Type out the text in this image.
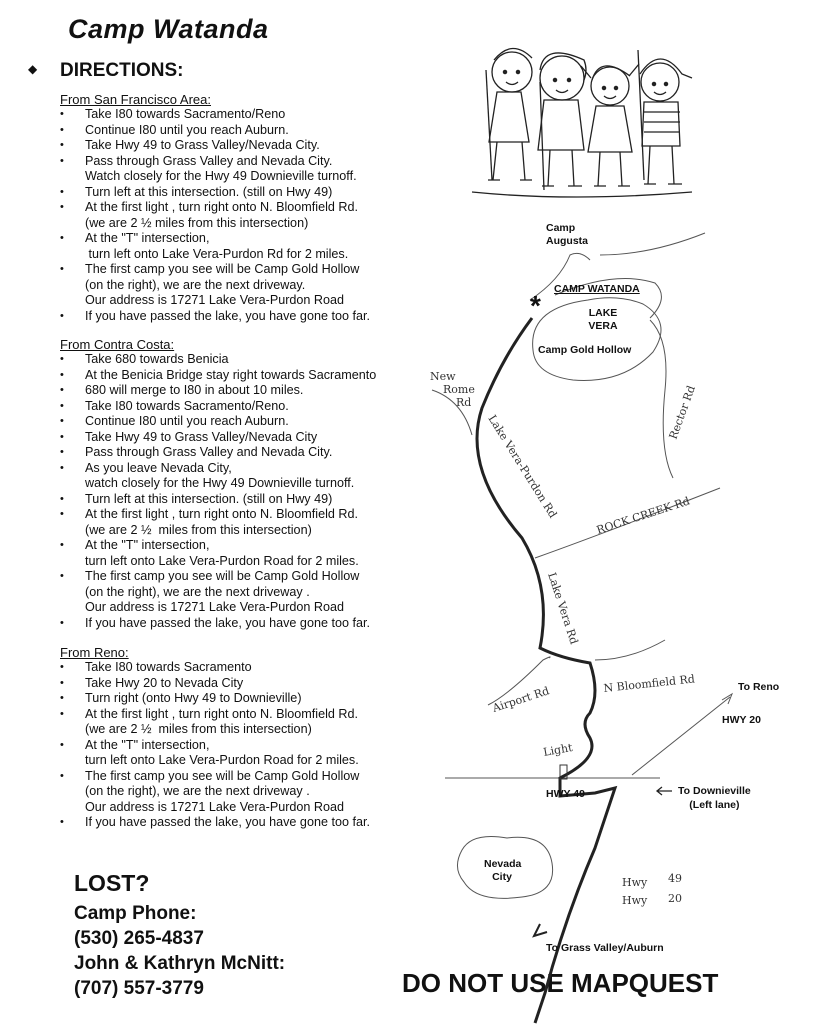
Camp Watanda
◆ DIRECTIONS:
From San Francisco Area:
• Take I80 towards Sacramento/Reno
• Continue I80 until you reach Auburn.
• Take Hwy 49 to Grass Valley/Nevada City.
• Pass through Grass Valley and Nevada City.
Watch closely for the Hwy 49 Downieville turnoff.
• Turn left at this intersection. (still on Hwy 49)
• At the first light , turn right onto N. Bloomfield Rd.
(we are 2 ½ miles from this intersection)
• At the "T" intersection,
turn left onto Lake Vera-Purdon Rd for 2 miles.
• The first camp you see will be Camp Gold Hollow
(on the right), we are the next driveway.
Our address is 17271 Lake Vera-Purdon Road
• If you have passed the lake, you have gone too far.
From Contra Costa:
• Take 680 towards Benicia
• At the Benicia Bridge stay right towards Sacramento
• 680 will merge to I80 in about 10 miles.
• Take I80 towards Sacramento/Reno.
• Continue I80 until you reach Auburn.
• Take Hwy 49 to Grass Valley/Nevada City
• Pass through Grass Valley and Nevada City.
• As you leave Nevada City,
watch closely for the Hwy 49 Downieville turnoff.
• Turn left at this intersection. (still on Hwy 49)
• At the first light , turn right onto N. Bloomfield Rd.
(we are 2 ½  miles from this intersection)
• At the "T" intersection,
turn left onto Lake Vera-Purdon Road for 2 miles.
• The first camp you see will be Camp Gold Hollow
(on the right), we are the next driveway .
Our address is 17271 Lake Vera-Purdon Road
• If you have passed the lake, you have gone too far.
From Reno:
• Take I80 towards Sacramento
• Take Hwy 20 to Nevada City
• Turn right (onto Hwy 49 to Downieville)
• At the first light , turn right onto N. Bloomfield Rd.
(we are 2 ½  miles from this intersection)
• At the "T" intersection,
turn left onto Lake Vera-Purdon Road for 2 miles.
• The first camp you see will be Camp Gold Hollow
(on the right), we are the next driveway .
Our address is 17271 Lake Vera-Purdon Road
• If you have passed the lake, you have gone too far.
LOST?
Camp Phone:
(530) 265-4837
John & Kathryn McNitt:
(707) 557-3779	DO NOT USE MAPQUEST
New
Rome
Rd
Lake Vera-Purdon Rd
Rector Rd
ROCK CREEK Rd
Lake Vera Rd
N Bloomfield Rd
Airport Rd
Light
Hwy
Hwy
49
20
*
Camp
Augusta
CAMP WATANDA
LAKE
VERA
Camp Gold Hollow
To Reno
HWY 20
HWY 49	To Downieville
(Left lane)
Nevada
City
To Grass Valley/Auburn
